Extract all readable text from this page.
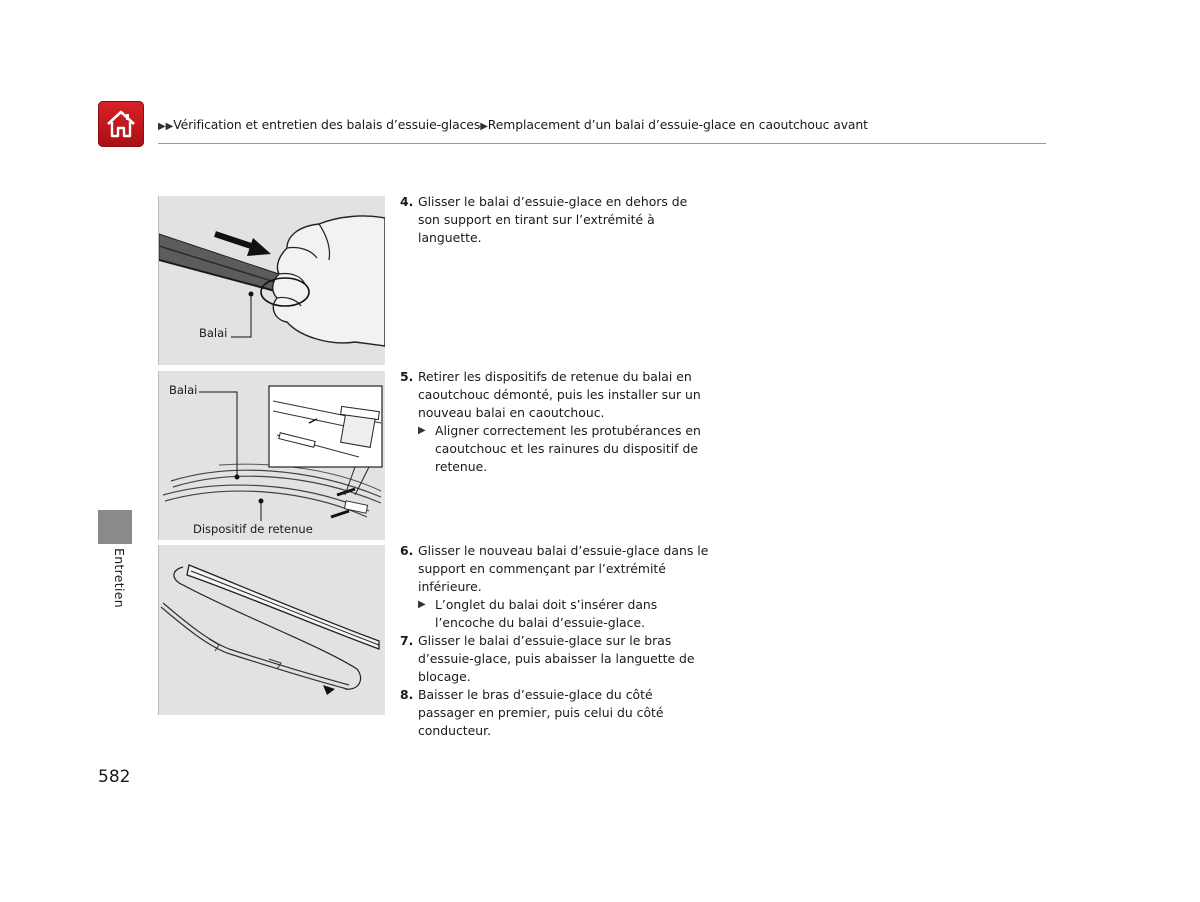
▶▶Vérification et entretien des balais d’essuie-glaces▶Remplacement d’un balai d’essuie-glace en caoutchouc avant
Entretien
582
Balai
Balai
Dispositif de retenue

4. Glisser le balai d’essuie-glace en dehors de son support en tirant sur l’extrémité à languette.

5. Retirer les dispositifs de retenue du balai en caoutchouc démonté, puis les installer sur un nouveau balai en caoutchouc.

▶ Aligner correctement les protubérances en caoutchouc et les rainures du dispositif de retenue.

6. Glisser le nouveau balai d’essuie-glace dans le support en commençant par l’extrémité inférieure.

▶ L’onglet du balai doit s’insérer dans l’encoche du balai d’essuie-glace.

7. Glisser le balai d’essuie-glace sur le bras d’essuie-glace, puis abaisser la languette de blocage.

8. Baisser le bras d’essuie-glace du côté passager en premier, puis celui du côté conducteur.
